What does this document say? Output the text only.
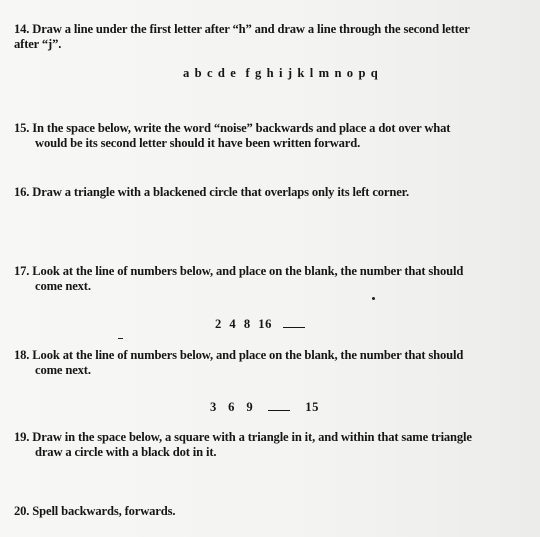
14. Draw a line under the first letter after “h” and draw a line through the second letter
after “j”.
a b c d e  f g h i j k l m n o p q
15. In the space below, write the word “noise” backwards and place a dot over what
would be its second letter should it have been written forward.
16. Draw a triangle with a blackened circle that overlaps only its left corner.
17. Look at the line of numbers below, and place on the blank, the number that should
come next.
2 4 8 16
18. Look at the line of numbers below, and place on the blank, the number that should
come next.
3 6 9	15
19. Draw in the space below, a square with a triangle in it, and within that same triangle
draw a circle with a black dot in it.
20. Spell backwards, forwards.
